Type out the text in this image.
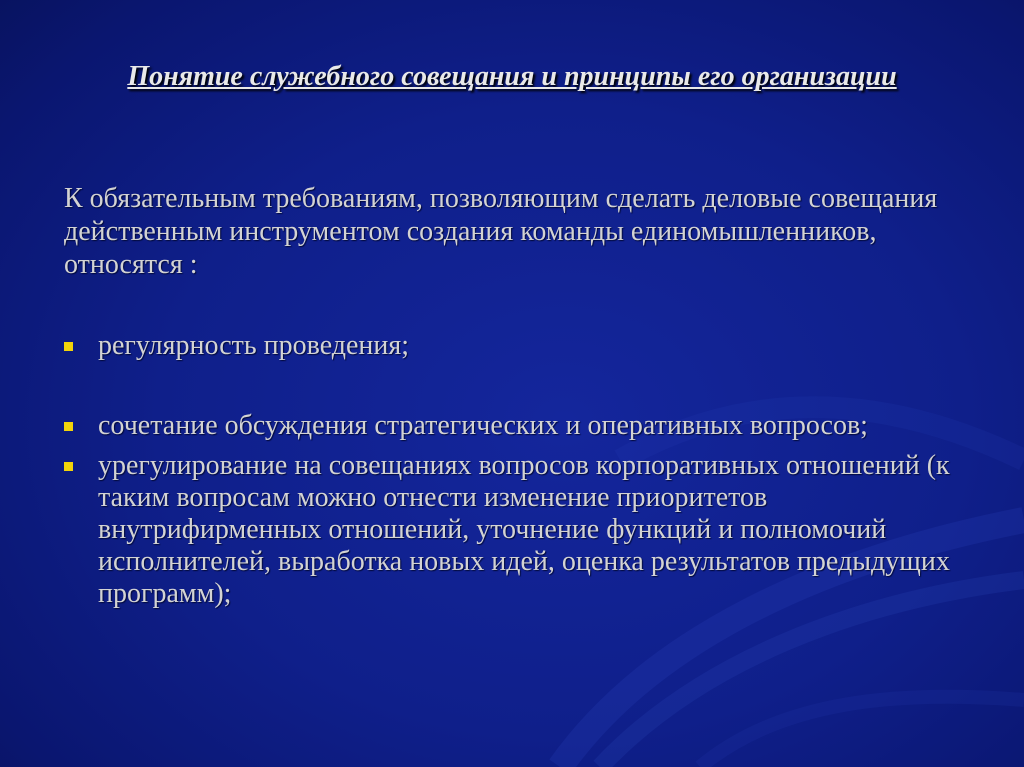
Понятие служебного совещания и принципы его организации

К обязательным требованиям, позволяющим сделать деловые совещания действенным инструментом создания команды единомышленников, относятся :

регулярность проведения;
сочетание обсуждения стратегических и оперативных вопросов;
урегулирование на совещаниях вопросов корпоративных отношений (к таким вопросам можно отнести изменение приоритетов внутрифирменных отношений, уточнение функций и полномочий исполнителей, выработка новых идей, оценка результатов предыдущих программ);
